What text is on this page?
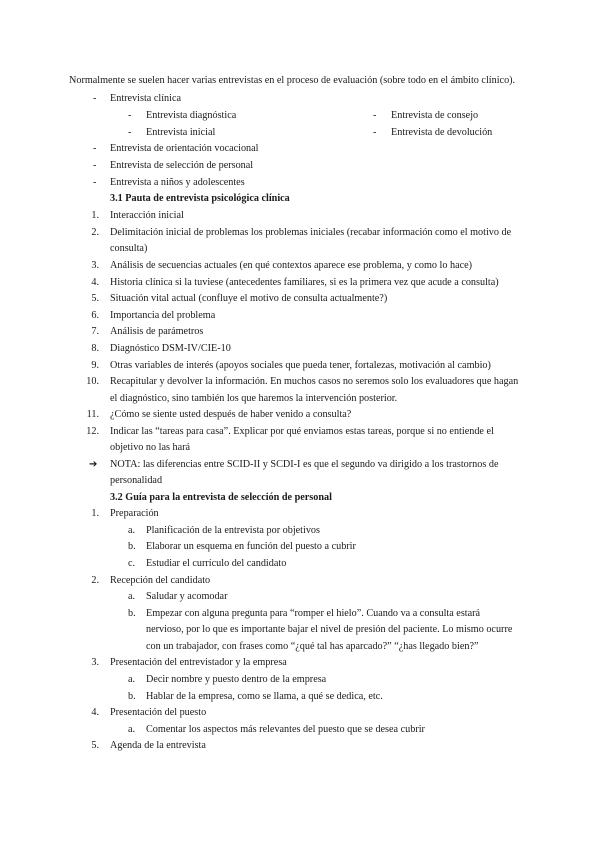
Normalmente se suelen hacer varias entrevistas en el proceso de evaluación (sobre todo en el ámbito clínico).
- Entrevista clínica
- Entrevista diagnóstica	- Entrevista de consejo
- Entrevista inicial	- Entrevista de devolución
- Entrevista de orientación vocacional
- Entrevista de selección de personal
- Entrevista a niños y adolescentes
3.1 Pauta de entrevista psicológica clínica
1. Interacción inicial
2. Delimitación inicial de problemas los problemas iniciales (recabar información como el motivo de
consulta)
3. Análisis de secuencias actuales (en qué contextos aparece ese problema, y como lo hace)
4. Historia clínica si la tuviese (antecedentes familiares, si es la primera vez que acude a consulta)
5. Situación vital actual (confluye el motivo de consulta actualmente?)
6. Importancia del problema
7. Análisis de parámetros
8. Diagnóstico DSM-IV/CIE-10
9. Otras variables de interés (apoyos sociales que pueda tener, fortalezas, motivación al cambio)
10. Recapitular y devolver la información. En muchos casos no seremos solo los evaluadores que hagan
el diagnóstico, sino también los que haremos la intervención posterior.
11. ¿Cómo se siente usted después de haber venido a consulta?
12. Indicar las “tareas para casa”. Explicar por qué enviamos estas tareas, porque si no entiende el
objetivo no las hará
➔ NOTA: las diferencias entre SCID-II y SCDI-I es que el segundo va dirigido a los trastornos de
personalidad
3.2 Guía para la entrevista de selección de personal
1. Preparación
a. Planificación de la entrevista por objetivos
b. Elaborar un esquema en función del puesto a cubrir
c. Estudiar el currículo del candidato
2. Recepción del candidato
a. Saludar y acomodar
b. Empezar con alguna pregunta para “romper el hielo”. Cuando va a consulta estará
nervioso, por lo que es importante bajar el nivel de presión del paciente. Lo mismo ocurre
con un trabajador, con frases como “¿qué tal has aparcado?” “¿has llegado bien?”
3. Presentación del entrevistador y la empresa
a. Decir nombre y puesto dentro de la empresa
b. Hablar de la empresa, como se llama, a qué se dedica, etc.
4. Presentación del puesto
a. Comentar los aspectos más relevantes del puesto que se desea cubrir
5. Agenda de la entrevista
